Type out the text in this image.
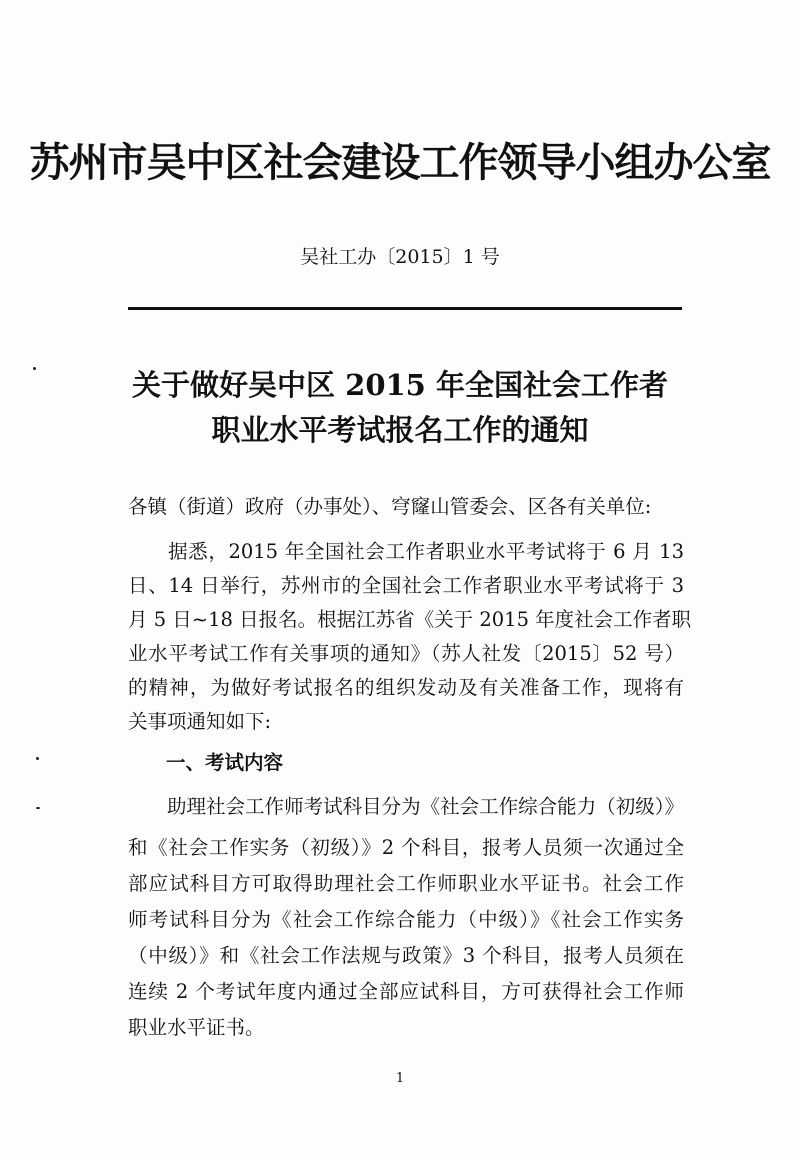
苏州市吴中区社会建设工作领导小组办公室
吴社工办〔2015〕1 号
关于做好吴中区 2015 年全国社会工作者
职业水平考试报名工作的通知
各镇（街道）政府（办事处）、穹窿山管委会、区各有关单位:
　　据悉，2015 年全国社会工作者职业水平考试将于 6 月 13
日、14 日举行，苏州市的全国社会工作者职业水平考试将于 3
月 5 日~18 日报名。根据江苏省《关于 2015 年度社会工作者职
业水平考试工作有关事项的通知》（苏人社发〔2015〕52 号）
的精神，为做好考试报名的组织发动及有关准备工作，现将有
关事项通知如下:
一、考试内容
　　助理社会工作师考试科目分为《社会工作综合能力（初级）》
和《社会工作实务（初级）》2 个科目，报考人员须一次通过全
部应试科目方可取得助理社会工作师职业水平证书。社会工作
师考试科目分为《社会工作综合能力（中级）》《社会工作实务
（中级）》和《社会工作法规与政策》3 个科目，报考人员须在
连续 2 个考试年度内通过全部应试科目，方可获得社会工作师
职业水平证书。
1
